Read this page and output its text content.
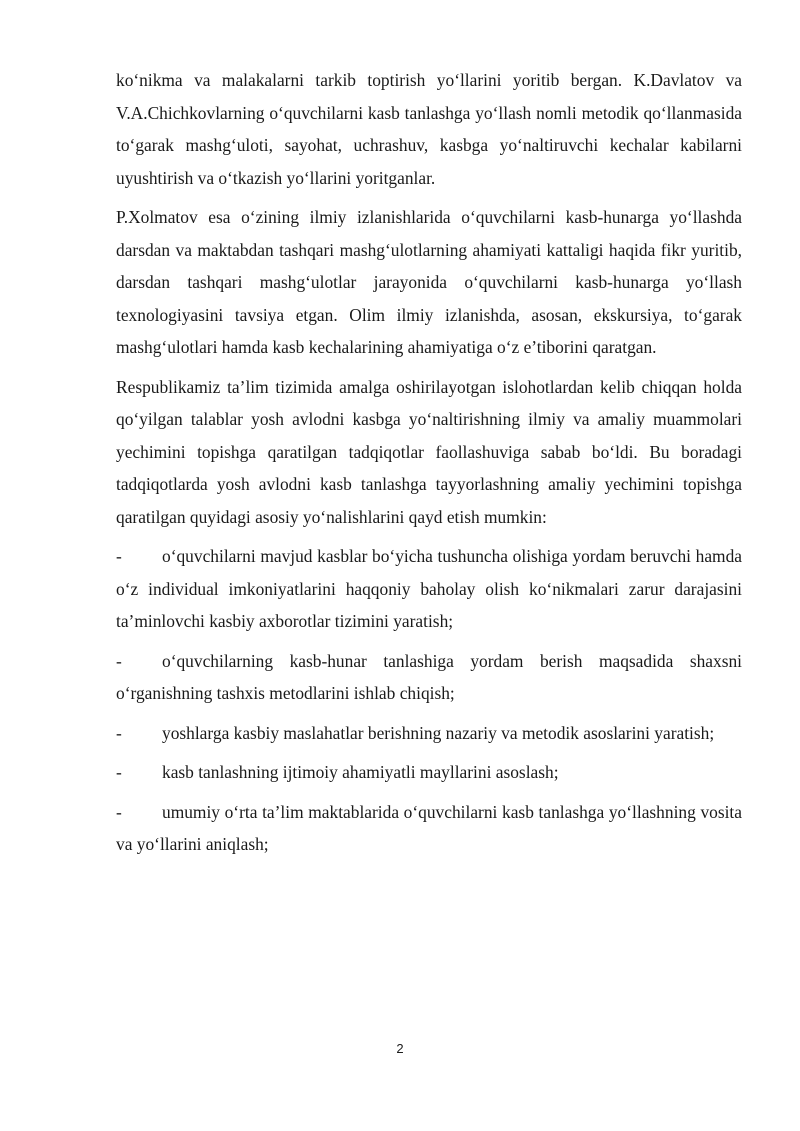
ko‘nikma va malakalarni tarkib toptirish yo‘llarini yoritib bergan. K.Davlatov va V.A.Chichkovlarning o‘quvchilarni kasb tanlashga yo‘llash nomli metodik qo‘llanmasida to‘garak mashg‘uloti, sayohat, uchrashuv, kasbga yo‘naltiruvchi kechalar kabilarni uyushtirish va o‘tkazish yo‘llarini yoritganlar.

P.Xolmatov esa o‘zining ilmiy izlanishlarida o‘quvchilarni kasb-hunarga yo‘llashda darsdan va maktabdan tashqari mashg‘ulotlarning ahamiyati kattaligi haqida fikr yuritib, darsdan tashqari mashg‘ulotlar jarayonida o‘quvchilarni kasb-hunarga yo‘llash texnologiyasini tavsiya etgan. Olim ilmiy izlanishda, asosan, ekskursiya, to‘garak mashg‘ulotlari hamda kasb kechalarining ahamiyatiga o‘z e’tiborini qaratgan.

Respublikamiz ta’lim tizimida amalga oshirilayotgan islohotlardan kelib chiqqan holda qo‘yilgan talablar yosh avlodni kasbga yo‘naltirishning ilmiy va amaliy muammolari yechimini topishga qaratilgan tadqiqotlar faollashuviga sabab bo‘ldi. Bu boradagi tadqiqotlarda yosh avlodni kasb tanlashga tayyorlashning amaliy yechimini topishga qaratilgan quyidagi asosiy yo‘nalishlarini qayd etish mumkin:

- o‘quvchilarni mavjud kasblar bo‘yicha tushuncha olishiga yordam beruvchi hamda o‘z individual imkoniyatlarini haqqoniy baholay olish ko‘nikmalari zarur darajasini ta’minlovchi kasbiy axborotlar tizimini yaratish;

- o‘quvchilarning kasb-hunar tanlashiga yordam berish maqsadida shaxsni o‘rganishning tashxis metodlarini ishlab chiqish;

- yoshlarga kasbiy maslahatlar berishning nazariy va metodik asoslarini yaratish;

- kasb tanlashning ijtimoiy ahamiyatli mayllarini asoslash;

- umumiy o‘rta ta’lim maktablarida o‘quvchilarni kasb tanlashga yo‘llashning vosita va yo‘llarini aniqlash;

2
